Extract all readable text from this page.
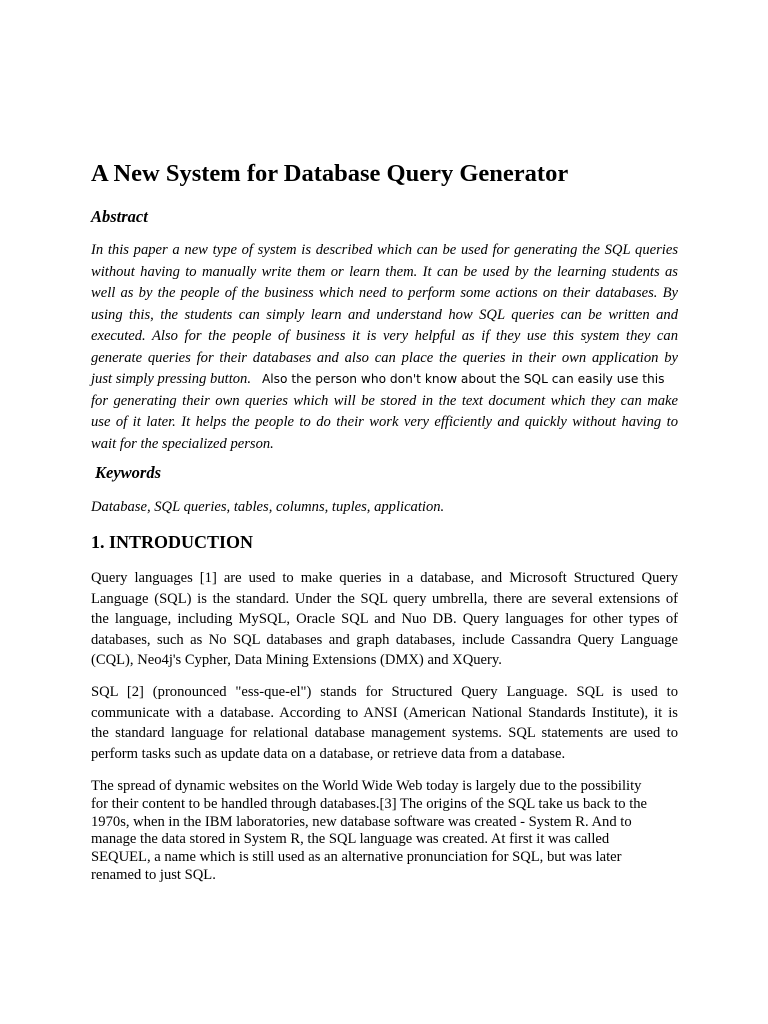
A New System for Database Query Generator
Abstract
In this paper a new type of system is described which can be used for generating the SQL queries
without having to manually write them or learn them. It can be used by the learning students as
well as by the people of the business which need to perform some actions on their databases. By
using this, the students can simply learn and understand how SQL queries can be written and
executed. Also for the people of business it is very helpful as if they use this system they can
generate queries for their databases and also can place the queries in their own application by
just simply pressing button. Also the person who don't know about the SQL can easily use this
for generating their own queries which will be stored in the text document which they can make
use of it later. It helps the people to do their work very efficiently and quickly without having to
wait for the specialized person.
Keywords

Database, SQL queries, tables, columns, tuples, application.

1. INTRODUCTION
Query languages [1] are used to make queries in a database, and Microsoft Structured Query
Language (SQL) is the standard. Under the SQL query umbrella, there are several extensions of
the language, including MySQL, Oracle SQL and Nuo DB. Query languages for other types of
databases, such as No SQL databases and graph databases, include Cassandra Query Language
(CQL), Neo4j's Cypher, Data Mining Extensions (DMX) and XQuery.
SQL [2] (pronounced "ess-que-el") stands for Structured Query Language. SQL is used to
communicate with a database. According to ANSI (American National Standards Institute), it is
the standard language for relational database management systems. SQL statements are used to
perform tasks such as update data on a database, or retrieve data from a database.
The spread of dynamic websites on the World Wide Web today is largely due to the possibility
for their content to be handled through databases.[3] The origins of the SQL take us back to the
1970s, when in the IBM laboratories, new database software was created - System R. And to
manage the data stored in System R, the SQL language was created. At first it was called
SEQUEL, a name which is still used as an alternative pronunciation for SQL, but was later
renamed to just SQL.
